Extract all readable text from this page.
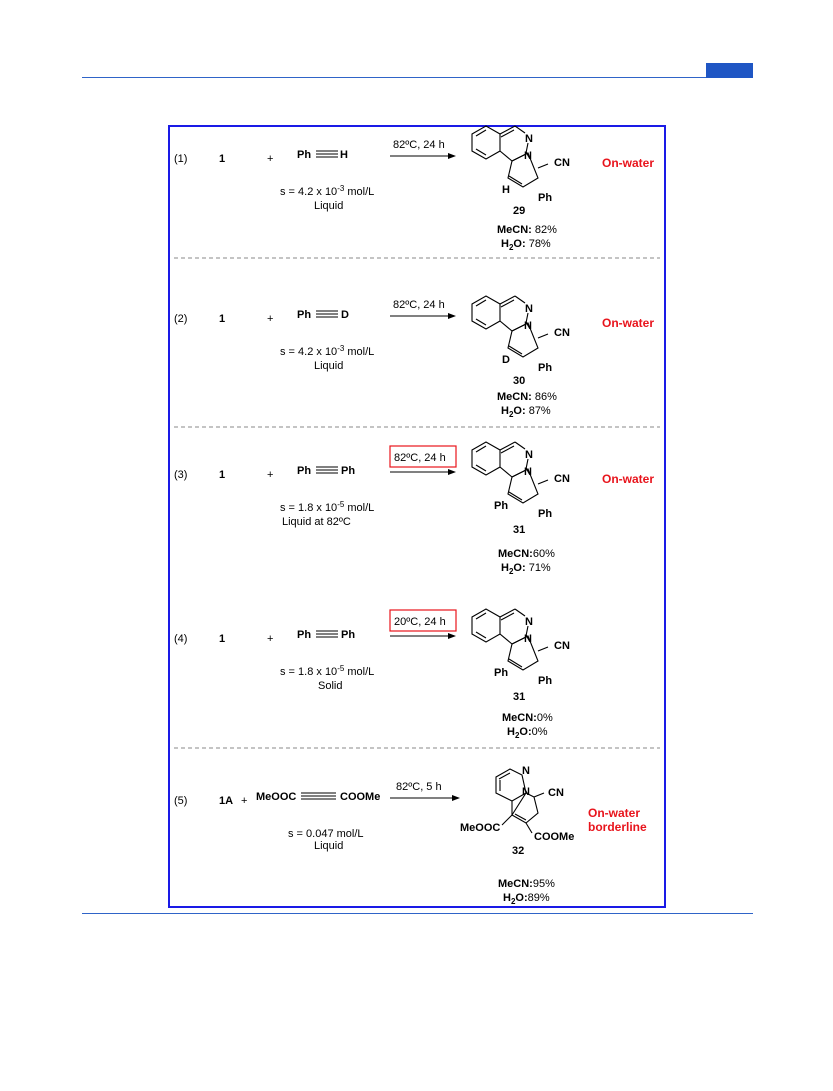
(1)	1	+ Ph	H
s = 4.2 x $10^{-3}$ mol/L
Liquid
82ºC, 24 h	N
N
CN
H
Ph
29
MeCN: 82%
$H_2O$: 78%
On-water
(2)	1	+ Ph	D
s = 4.2 x $10^{-3}$ mol/L
Liquid
82ºC, 24 h	N
N
CN
D
Ph
30
MeCN: 86%
$H_2O$: 87%
On-water
(3)	1	+ Ph	Ph
s = 1.8 x $10^{-5}$ mol/L
Liquid at 82ºC
82ºC, 24 h	N
N
CN
Ph
Ph
31
MeCN:60%
$H_2O$: 71%
On-water
(4)	1	+ Ph	Ph
s = 1.8 x $10^{-5}$ mol/L
Solid
20ºC, 24 h	N
N
CN
Ph
Ph
31
MeCN:0%
$H_2O:0\%$
(5)	1A + MeOOC	COOMe
s = 0.047 mol/L
Liquid
82ºC, 5 h
N
N CN
MeOOC
COOMe
32
MeCN:95%
$H_2O:89\%$
On-water
borderline
